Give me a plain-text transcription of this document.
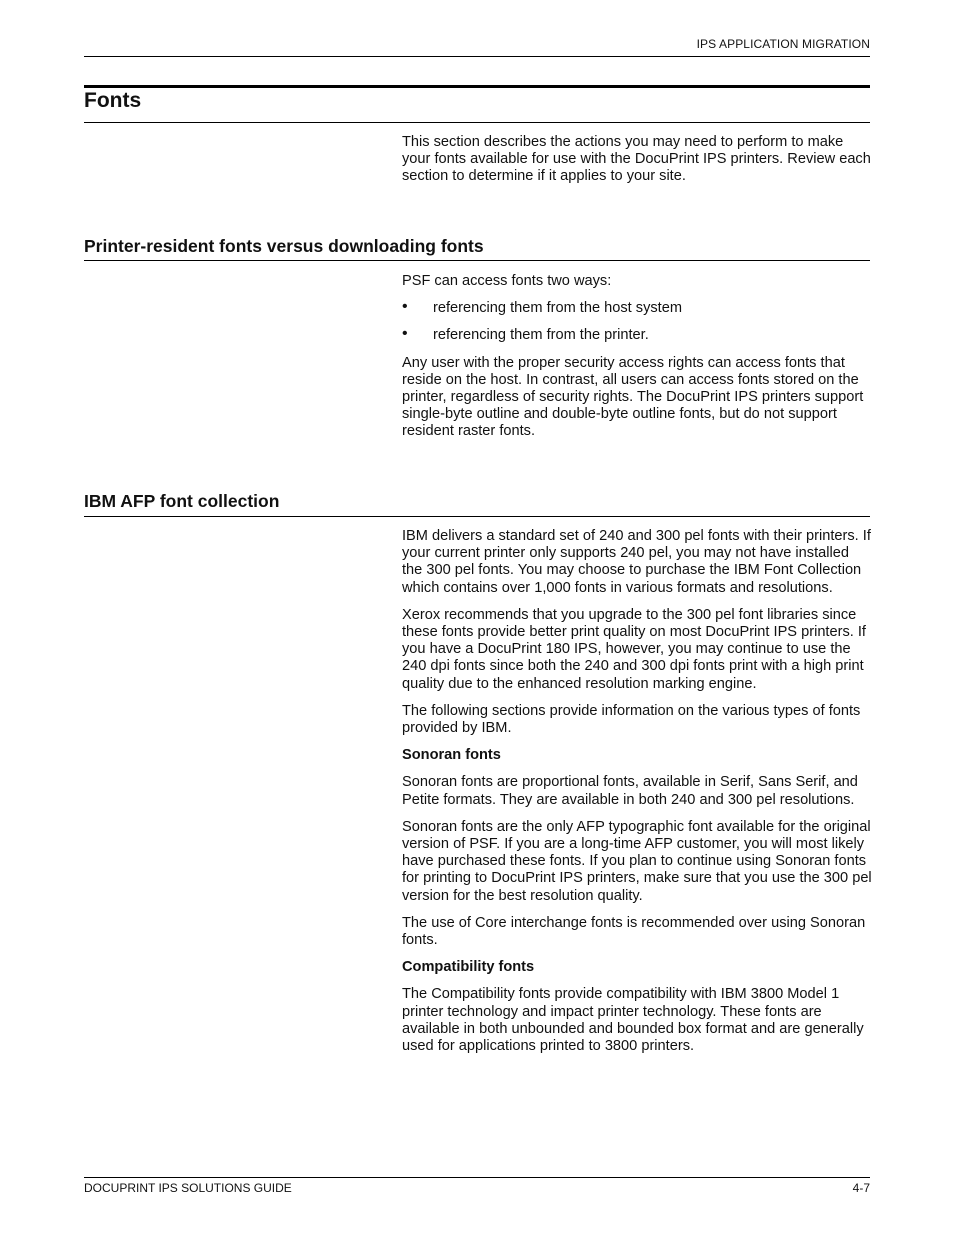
IPS APPLICATION MIGRATION
Fonts

This section describes the actions you may need to perform to make your fonts available for use with the DocuPrint IPS printers. Review each section to determine if it applies to your site.

Printer-resident fonts versus downloading fonts

PSF can access fonts two ways:

• referencing them from the host system
• referencing them from the printer.

Any user with the proper security access rights can access fonts that reside on the host. In contrast, all users can access fonts stored on the printer, regardless of security rights. The DocuPrint IPS printers support single-byte outline and double-byte outline fonts, but do not support resident raster fonts.

IBM AFP font collection

IBM delivers a standard set of 240 and 300 pel fonts with their printers. If your current printer only supports 240 pel, you may not have installed the 300 pel fonts. You may choose to purchase the IBM Font Collection which contains over 1,000 fonts in various formats and resolutions.

Xerox recommends that you upgrade to the 300 pel font libraries since these fonts provide better print quality on most DocuPrint IPS printers. If you have a DocuPrint 180 IPS, however, you may continue to use the 240 dpi fonts since both the 240 and 300 dpi fonts print with a high print quality due to the enhanced resolution marking engine.

The following sections provide information on the various types of fonts provided by IBM.

Sonoran fonts

Sonoran fonts are proportional fonts, available in Serif, Sans Serif, and Petite formats. They are available in both 240 and 300 pel resolutions.

Sonoran fonts are the only AFP typographic font available for the original version of PSF. If you are a long-time AFP customer, you will most likely have purchased these fonts. If you plan to continue using Sonoran fonts for printing to DocuPrint IPS printers, make sure that you use the 300 pel version for the best resolution quality.

The use of Core interchange fonts is recommended over using Sonoran fonts.

Compatibility fonts

The Compatibility fonts provide compatibility with IBM 3800 Model 1 printer technology and impact printer technology. These fonts are available in both unbounded and bounded box format and are generally used for applications printed to 3800 printers.

DOCUPRINT IPS SOLUTIONS GUIDE	4-7
